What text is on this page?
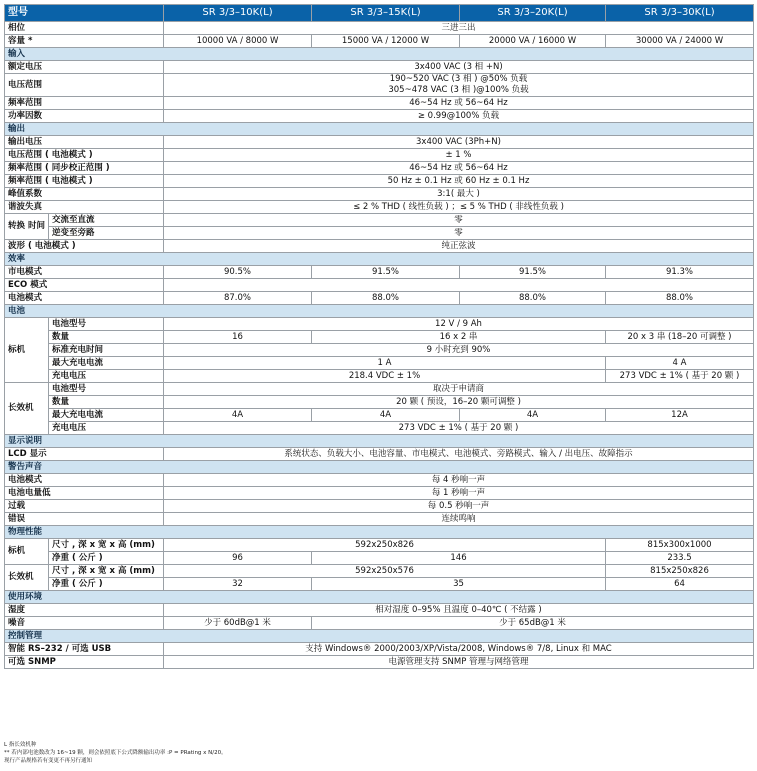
型号		SR 3/3–10K(L)	SR 3/3–15K(L)	SR 3/3–20K(L)	SR 3/3–30K(L)
相位		三进三出			
容量 *		10000 VA / 8000 W	15000 VA / 12000 W	20000 VA / 16000 W	30000 VA / 24000 W
输入					
额定电压		3x400 VAC (3 相 +N)			
电压范围		190~520 VAC (3 相 ) @50% 负载
305~478 VAC (3 相 )@100% 负载			

频率范围		46~54 Hz 或 56~64 Hz			
功率因数		≥ 0.99@100% 负载			
输出					
输出电压		3x400 VAC (3Ph+N)			
电压范围 ( 电池模式 )		± 1 %			
频率范围 ( 同步校正范围 )		46~54 Hz 或 56~64 Hz			
频率范围 ( 电池模式 )		50 Hz ± 0.1 Hz 或 60 Hz ± 0.1 Hz			
峰值系数		3:1( 最大 )			
谐波失真		≤ 2 % THD ( 线性负载 ) ；≤ 5 % THD ( 非线性负载 )			
转换 时间	交流至直流	零			
	逆变至旁路	零			
波形 ( 电池模式 )		纯正弦波			
效率					
市电模式		90.5%	91.5%	91.5%	91.3%
ECO 模式					
电池模式		87.0%	88.0%	88.0%	88.0%
电池					
标机	电池型号	12 V / 9 Ah			
	数量	16	16 x 2 串		20 x 3 串 (18–20 可调整 )
	标准充电时间	9 小时充到 90%			
	最大充电电流	1 A			4 A
	充电电压	218.4 VDC ± 1%			273 VDC ± 1% ( 基于 20 颗 )
长效机	电池型号	取决于申请商			
	数量	20 颗 ( 预设，16–20 颗可调整 )			
	最大充电电流	4A	4A	4A	12A
	充电电压	273 VDC ± 1% ( 基于 20 颗 )			
显示说明					
LCD 显示		系统状态、负载大小、电池容量、市电模式、电池模式、旁路模式、输入 / 出电压、故障指示			
警告声音					
电池模式		每 4 秒响一声			
电池电量低		每 1 秒响一声			
过载		每 0.5 秒响一声			
错误		连续鸣响			
物理性能					
标机	尺寸 , 深 x 宽 x 高 (mm)	592x250x826			815x300x1000
	净重 ( 公斤 )	96	146		233.5
长效机	尺寸 , 深 x 宽 x 高 (mm)	592x250x576			815x250x826
	净重 ( 公斤 )	32	35		64
使用环境					
湿度		相对湿度 0–95% 且温度 0–40℃ ( 不结露 )			
噪音		少于 60dB@1 米	少于 65dB@1 米		
控制管理					
智能 RS–232 / 可选 USB		支持 Windows® 2000/2003/XP/Vista/2008, Windows® 7/8, Linux 和 MAC			
可选 SNMP		电源管理支持 SNMP 管理与网络管理			
L 指长效机种
** 若内部电池数改为 16~19 颗，则会依照底下公式降额输出功率 :P = PRating x N/20。
现行产品规格若有变更不再另行通知
